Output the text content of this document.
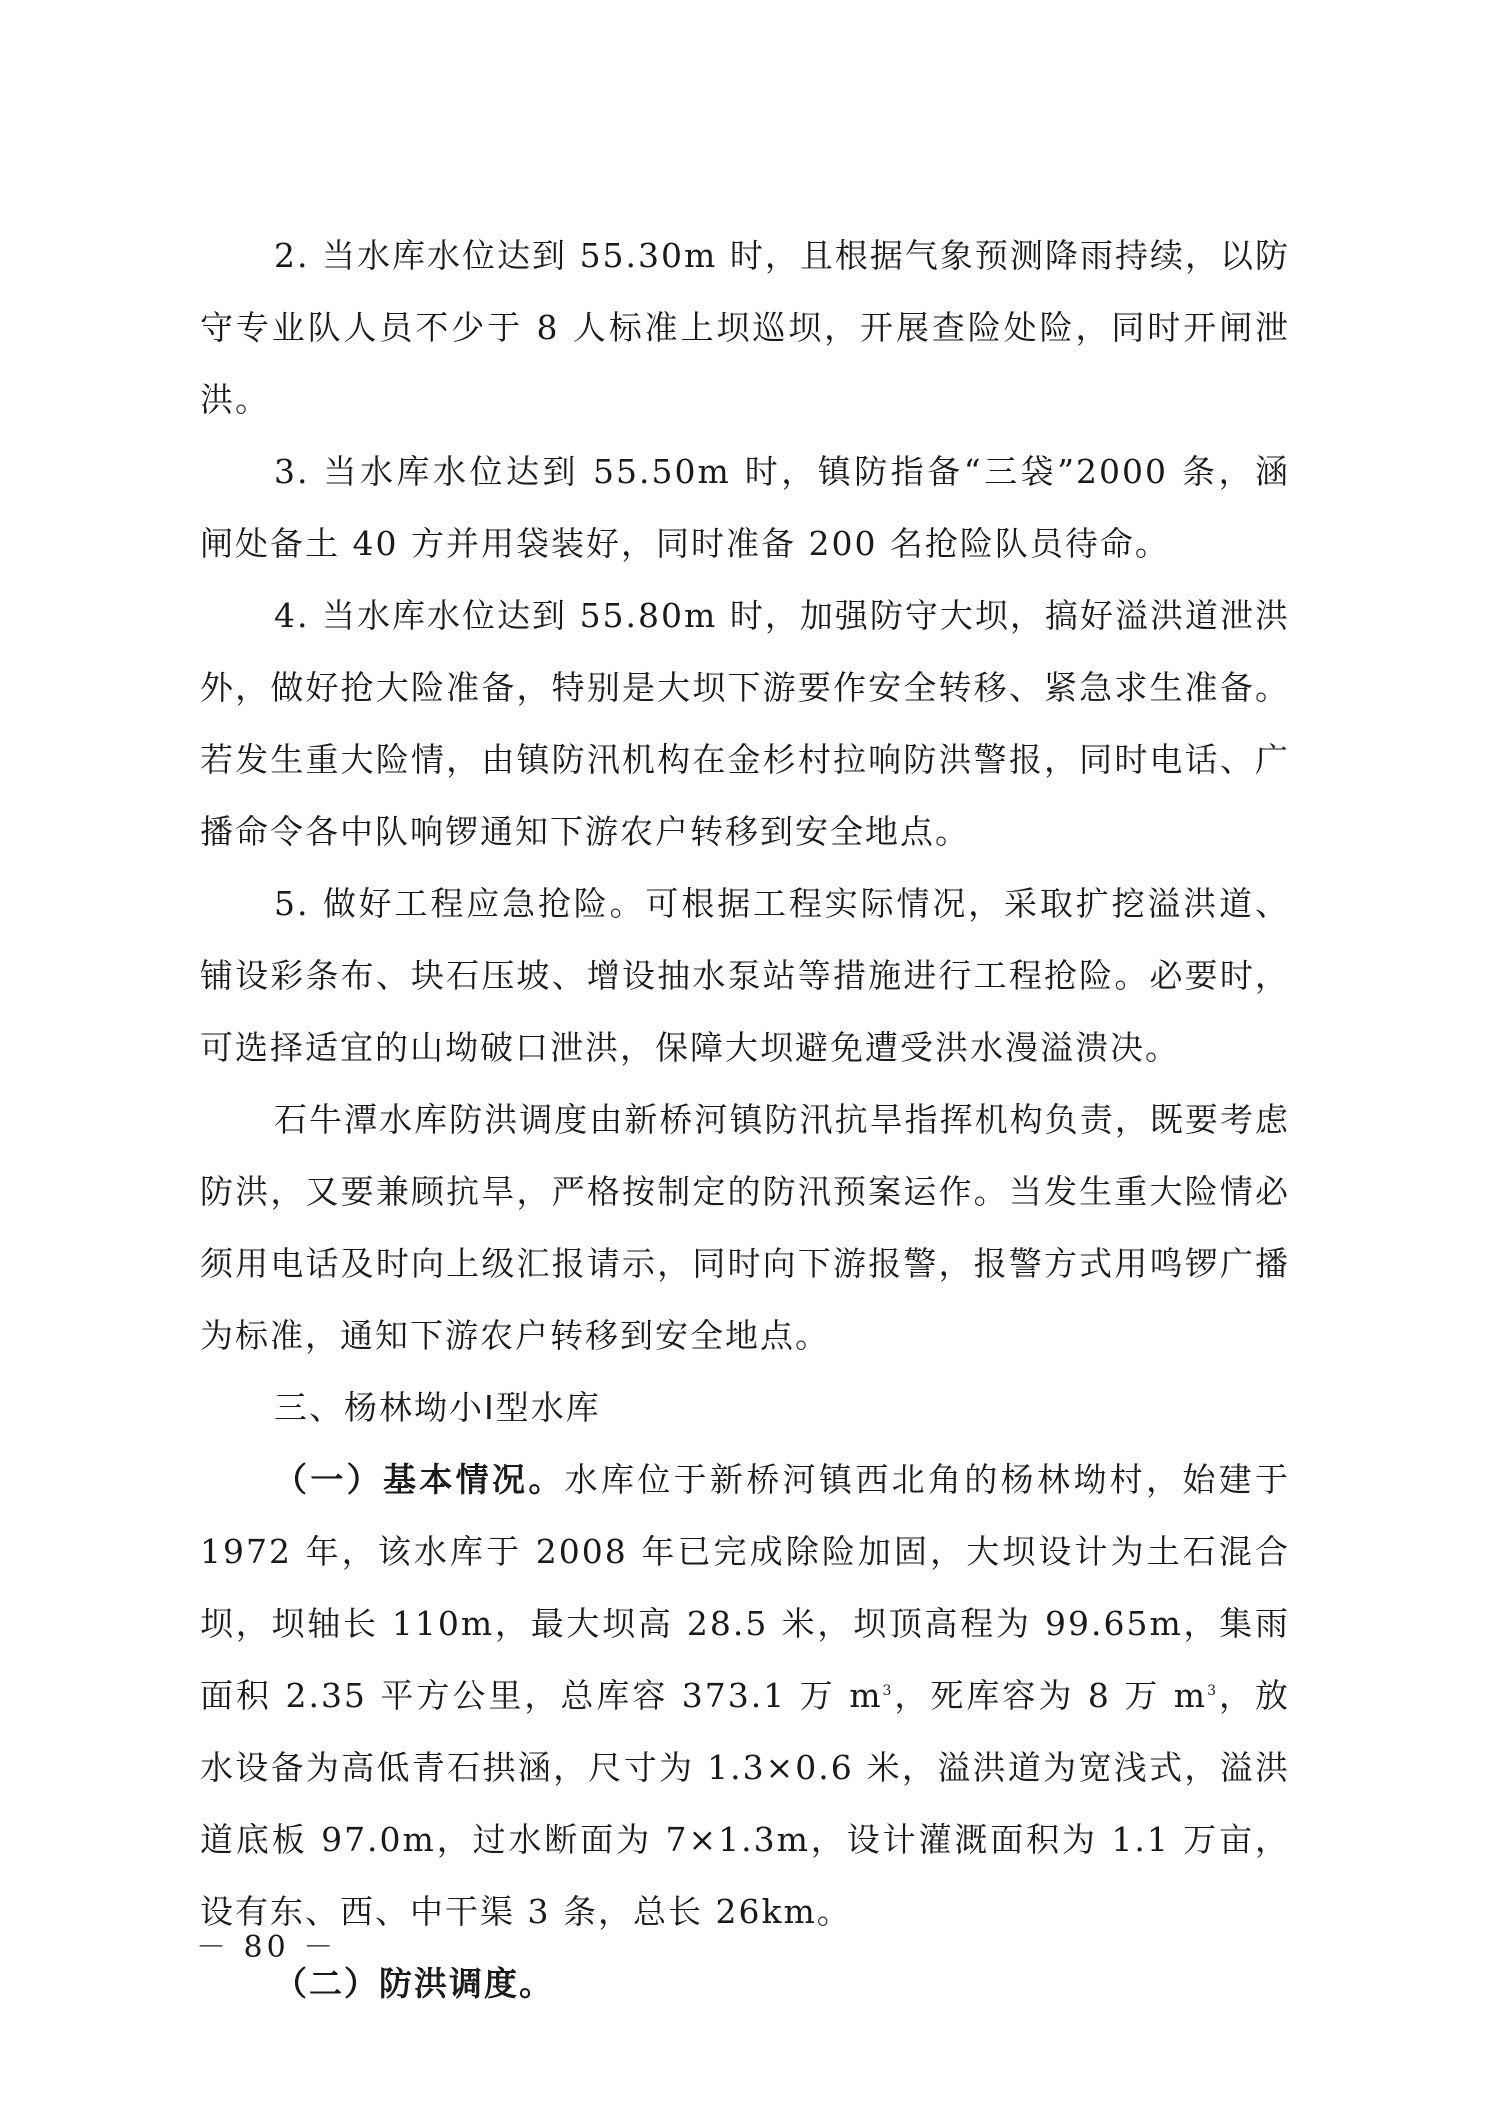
2. 当水库水位达到 55.30m 时，且根据气象预测降雨持续，以防守专业队人员不少于 8 人标准上坝巡坝，开展查险处险，同时开闸泄洪。

3. 当水库水位达到 55.50m 时，镇防指备“三袋”2000 条，涵闸处备土 40 方并用袋装好，同时准备 200 名抢险队员待命。

4. 当水库水位达到 55.80m 时，加强防守大坝，搞好溢洪道泄洪外，做好抢大险准备，特别是大坝下游要作安全转移、紧急求生准备。若发生重大险情，由镇防汛机构在金杉村拉响防洪警报，同时电话、广播命令各中队响锣通知下游农户转移到安全地点。

5. 做好工程应急抢险。可根据工程实际情况，采取扩挖溢洪道、铺设彩条布、块石压坡、增设抽水泵站等措施进行工程抢险。必要时，可选择适宜的山坳破口泄洪，保障大坝避免遭受洪水漫溢溃决。

石牛潭水库防洪调度由新桥河镇防汛抗旱指挥机构负责，既要考虑防洪，又要兼顾抗旱，严格按制定的防汛预案运作。当发生重大险情必须用电话及时向上级汇报请示，同时向下游报警，报警方式用鸣锣广播为标准，通知下游农户转移到安全地点。

三、杨林坳小Ⅰ型水库

（一）基本情况。水库位于新桥河镇西北角的杨林坳村，始建于 1972 年，该水库于 2008 年已完成除险加固，大坝设计为土石混合坝，坝轴长 110m，最大坝高 28.5 米，坝顶高程为 99.65m，集雨面积 2.35 平方公里，总库容 373.1 万 $m^3$，死库容为 8 万 $m^3$，放水设备为高低青石拱涵，尺寸为 1.3×0.6 米，溢洪道为宽浅式，溢洪道底板 97.0m，过水断面为 7×1.3m，设计灌溉面积为 1.1 万亩，设有东、西、中干渠 3 条，总长 26km。

（二）防洪调度。

－ 80 －
